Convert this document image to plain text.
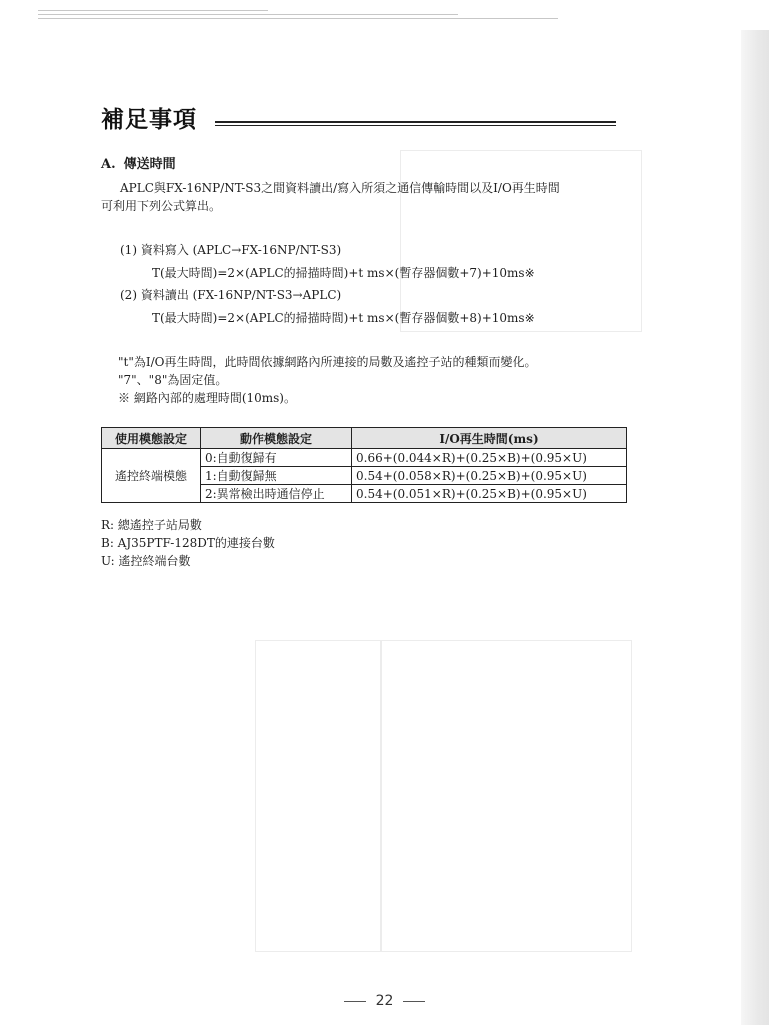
補足事項
A. 傳送時間
APLC與FX-16NP/NT-S3之間資料讀出/寫入所須之通信傳輸時間以及I/O再生時間
可利用下列公式算出。
(1) 資料寫入 (APLC→FX-16NP/NT-S3)
T(最大時間)=2×(APLC的掃描時間)+t ms×(暫存器個數+7)+10ms※
(2) 資料讀出 (FX-16NP/NT-S3→APLC)
T(最大時間)=2×(APLC的掃描時間)+t ms×(暫存器個數+8)+10ms※
"t"為I/O再生時間，此時間依據網路內所連接的局數及遙控子站的種類而變化。
"7"、"8"為固定值。
※ 網路內部的處理時間(10ms)。
使用模態設定	動作模態設定	I/O再生時間(ms)
遙控終端模態	0:自動復歸有	0.66+(0.044×R)+(0.25×B)+(0.95×U)
	1:自動復歸無	0.54+(0.058×R)+(0.25×B)+(0.95×U)
	2:異常檢出時通信停止	0.54+(0.051×R)+(0.25×B)+(0.95×U)
R: 總遙控子站局數
B: AJ35PTF-128DT的連接台數
U: 遙控終端台數
22
